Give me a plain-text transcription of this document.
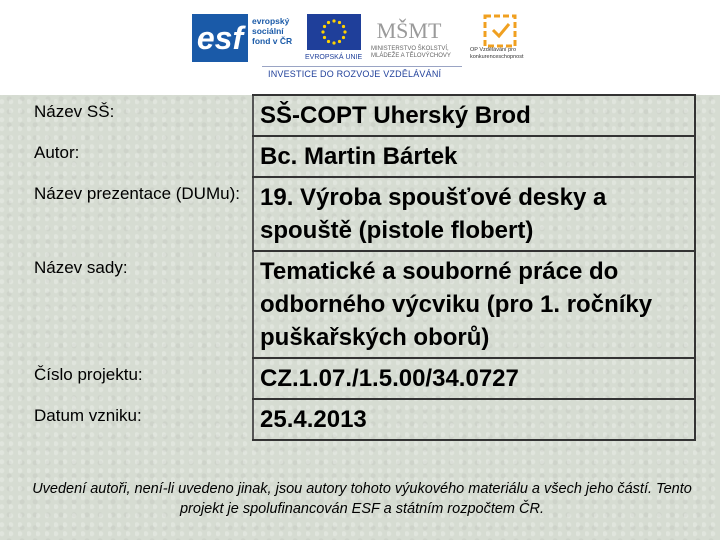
esf	evropský
sociální
fond v ČR
EVROPSKÁ UNIE
MŠMT
MINISTERSTVO ŠKOLSTVÍ, MLÁDEŽE A TĚLOVÝCHOVY
OP Vzdělávání pro konkurenceschopnost
INVESTICE DO ROZVOJE VZDĚLÁVÁNÍ
Název SŠ:	SŠ-COPT Uherský Brod
Autor:	Bc. Martin Bártek
Název prezentace (DUMu):	19. Výroba spoušťové desky a spouště (pistole flobert)
Název sady:	Tematické a souborné práce do odborného výcviku (pro 1. ročníky puškařských oborů)
Číslo projektu:	CZ.1.07./1.5.00/34.0727
Datum vzniku:	25.4.2013
Uvedení autoři, není-li uvedeno jinak, jsou autory tohoto výukového materiálu a všech jeho částí. Tento projekt je spolufinancován ESF a státním rozpočtem ČR.
